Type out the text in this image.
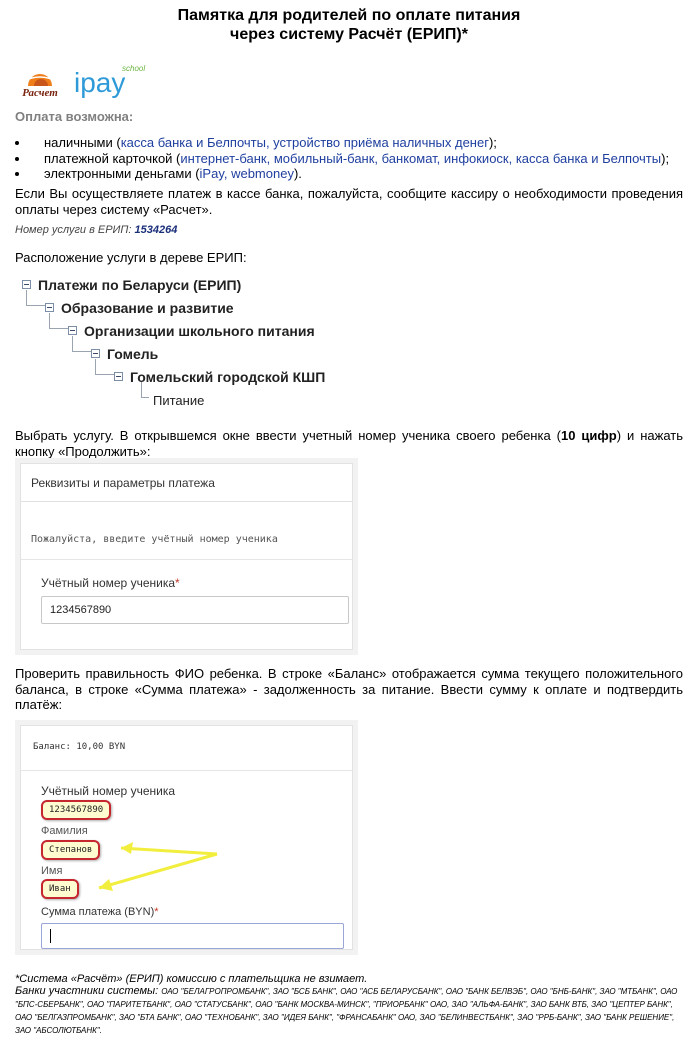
Памятка для родителей по оплате питания
через систему Расчёт (ЕРИП)*
Расчет ipay
school
Оплата возможна:
наличными (касса банка и Белпочты, устройство приёма наличных денег);
платежной карточкой (интернет-банк, мобильный-банк, банкомат, инфокиоск, касса банка и Белпочты);
электронными деньгами (iPay, webmoney).
Если Вы осуществляете платеж в кассе банка, пожалуйста, сообщите кассиру о необходимости проведения оплаты через систему «Расчет».
Номер услуги в ЕРИП: 1534264
Расположение услуги в дереве ЕРИП:
Платежи по Беларуси (ЕРИП)
Образование и развитие
Организации школьного питания
Гомель
Гомельский городской КШП
Питание
Выбрать услугу. В открывшемся окне ввести учетный номер ученика своего ребенка (10 цифр) и нажать кнопку «Продолжить»:
Реквизиты и параметры платежа
Пожалуйста, введите учётный номер ученика
Учётный номер ученика*
1234567890
Проверить правильность ФИО ребенка. В строке «Баланс» отображается сумма текущего положительного баланса, в строке «Сумма платежа» - задолженность за питание. Ввести сумму к оплате и подтвердить платёж:
Баланс: 10,00 BYN
Учётный номер ученика
1234567890
Фамилия
Степанов
Имя
Иван
Сумма платежа (BYN)*
*Система «Расчёт» (ЕРИП) комиссию с плательщика не взимает.
Банки участники системы: ОАО "БЕЛАГРОПРОМБАНК", ЗАО "БСБ БАНК", ОАО "АСБ БЕЛАРУСБАНК", ОАО "БАНК БЕЛВЭБ", ОАО "БНБ-БАНК", ЗАО "МТБАНК", ОАО "БПС-СБЕРБАНК", ОАО "ПАРИТЕТБАНК", ОАО "СТАТУСБАНК", ОАО "БАНК МОСКВА-МИНСК", "ПРИОРБАНК" ОАО, ЗАО "АЛЬФА-БАНК", ЗАО БАНК ВТБ, ЗАО "ЦЕПТЕР БАНК", ОАО "БЕЛГАЗПРОМБАНК", ЗАО "БТА БАНК", ОАО "ТЕХНОБАНК", ЗАО "ИДЕЯ БАНК", "ФРАНСАБАНК" ОАО, ЗАО "БЕЛИНВЕСТБАНК", ЗАО "РРБ-БАНК", ЗАО "БАНК РЕШЕНИЕ", ЗАО "АБСОЛЮТБАНК".
